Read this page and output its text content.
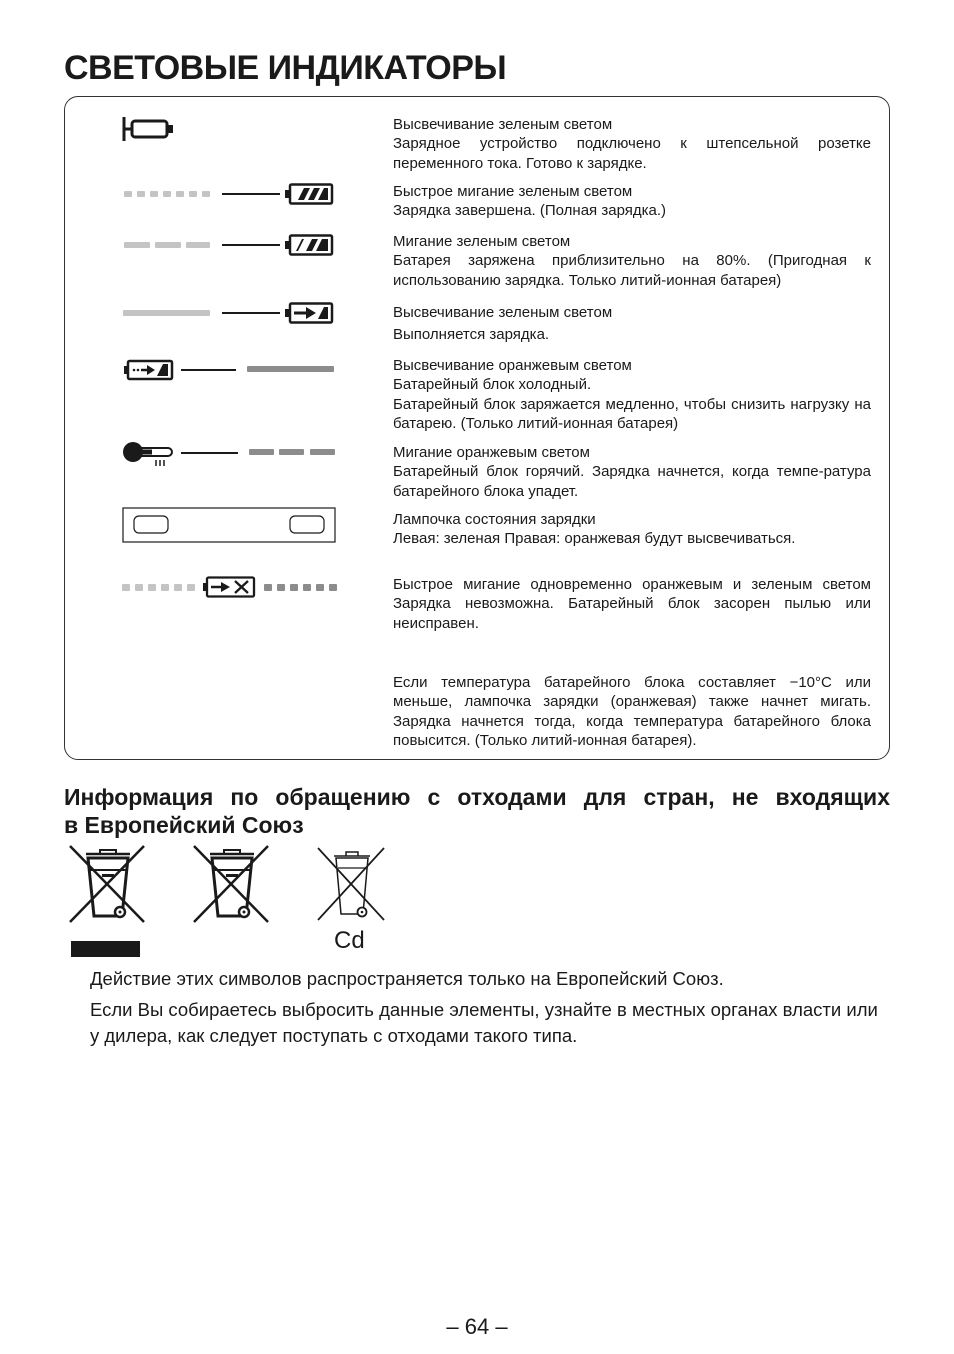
СВЕТОВЫЕ ИНДИКАТОРЫ

Высвечивание зеленым светом

Зарядное устройство подключено к штепсельной розетке переменного тока. Готово к зарядке.

Быстрое мигание зеленым светом

Зарядка завершена. (Полная зарядка.)

Мигание зеленым светом

Батарея заряжена приблизительно на 80%. (Пригодная к использованию зарядка. Только литий-ионная батарея)

Высвечивание зеленым светом

Выполняется зарядка.

Высвечивание оранжевым светом

Батарейный блок холодный.

Батарейный блок заряжается медленно, чтобы снизить нагрузку на батарею. (Только литий-ионная батарея)

Мигание оранжевым светом

Батарейный блок горячий. Зарядка начнется, когда темпе-ратура батарейного блока упадет.

Лампочка состояния зарядки

Левая: зеленая Правая: оранжевая будут высвечиваться.

Быстрое мигание одновременно оранжевым и зеленым светом

Зарядка невозможна. Батарейный блок засорен пылью или неисправен.

Если температура батарейного блока составляет −10°C или меньше, лампочка зарядки (оранжевая) также начнет мигать. Зарядка начнется тогда, когда температура батарейного блока повысится. (Только литий-ионная батарея).

Информация по обращению с отходами для стран, не входящих

в Европейский Союз

Cd
Действие этих символов распространяется только на Европейский Союз.
Если Вы собираетесь выбросить данные элементы, узнайте в местных органах власти или у дилера, как следует поступать с отходами такого типа.
– 64 –
